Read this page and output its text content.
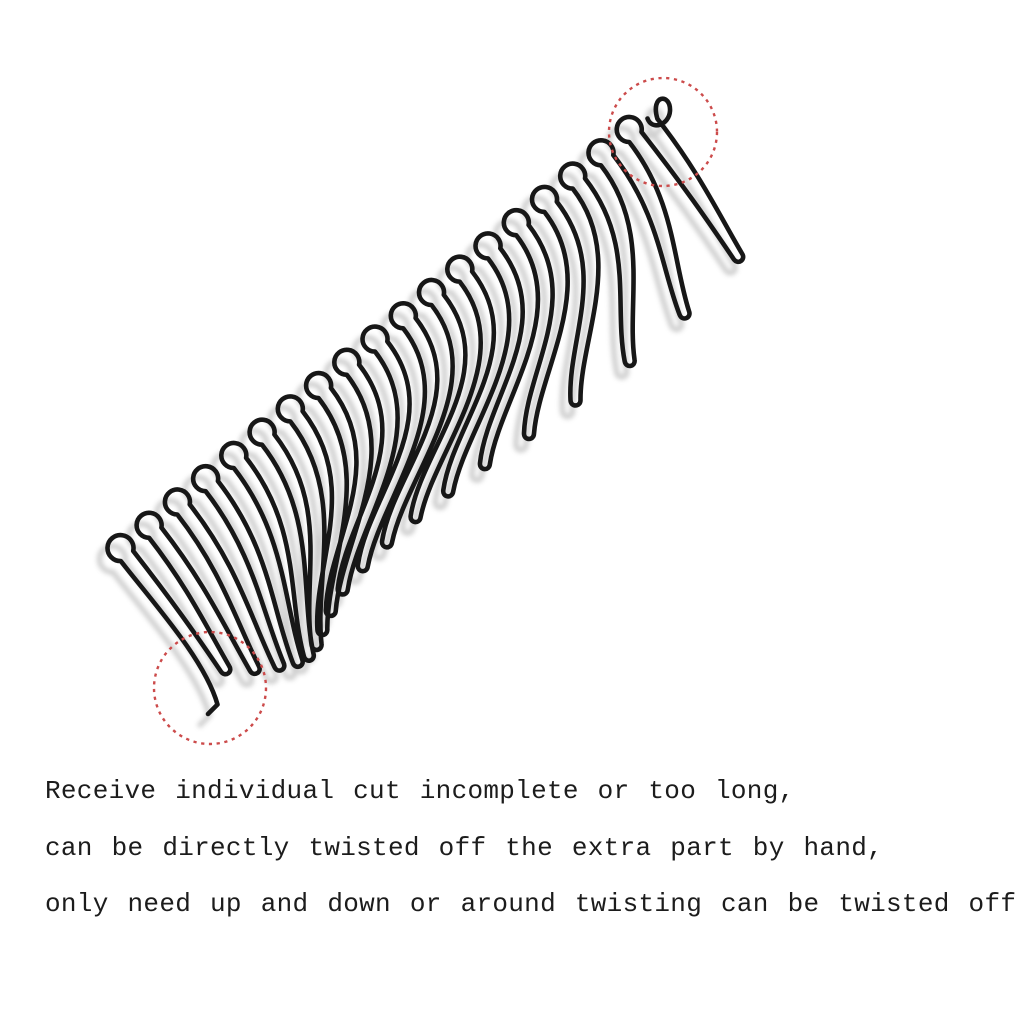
Receive individual cut incomplete or too long,

can be directly twisted off the extra part by hand,

only need up and down or around twisting can be twisted off
